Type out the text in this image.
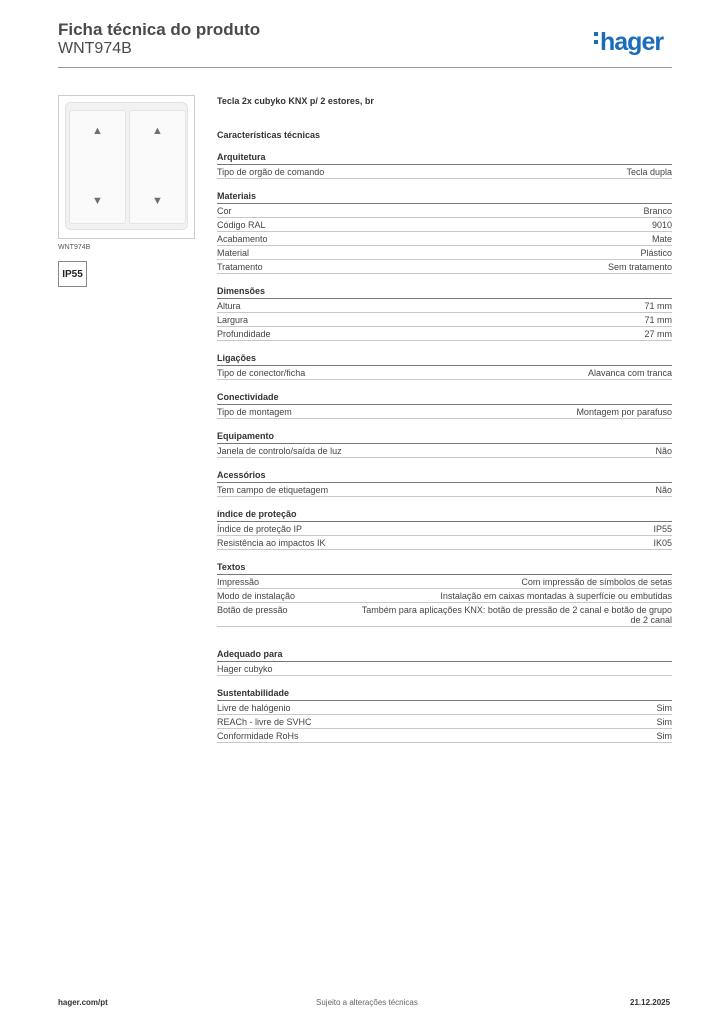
Ficha técnica do produto
WNT974B	hager
▲
▼
▲
▼
WNT974B
IP55
Tecla 2x cubyko KNX p/ 2 estores, br
Características técnicas
Arquitetura
Tipo de orgão de comando	Tecla dupla
Materiais
Cor	Branco
Código RAL	9010
Acabamento	Mate
Material	Plástico
Tratamento	Sem tratamento
Dimensões
Altura	71 mm
Largura	71 mm
Profundidade	27 mm
Ligações
Tipo de conector/ficha	Alavanca com tranca
Conectividade
Tipo de montagem	Montagem por parafuso
Equipamento
Janela de controlo/saída de luz	Não
Acessórios
Tem campo de etiquetagem	Não
índice de proteção
Índice de proteção IP	IP55
Resistência ao impactos IK	IK05
Textos
Impressão	Com impressão de símbolos de setas
Modo de instalação	Instalação em caixas montadas à superfície ou embutidas
Botão de pressão	Também para aplicações KNX: botão de pressão de 2 canal e botão de grupo de 2 canal
Adequado para
Hager cubyko
Sustentabilidade
Livre de halógenio	Sim
REACh - livre de SVHC	Sim
Conformidade RoHs	Sim
hager.com/pt	Sujeito a alterações técnicas	21.12.2025
